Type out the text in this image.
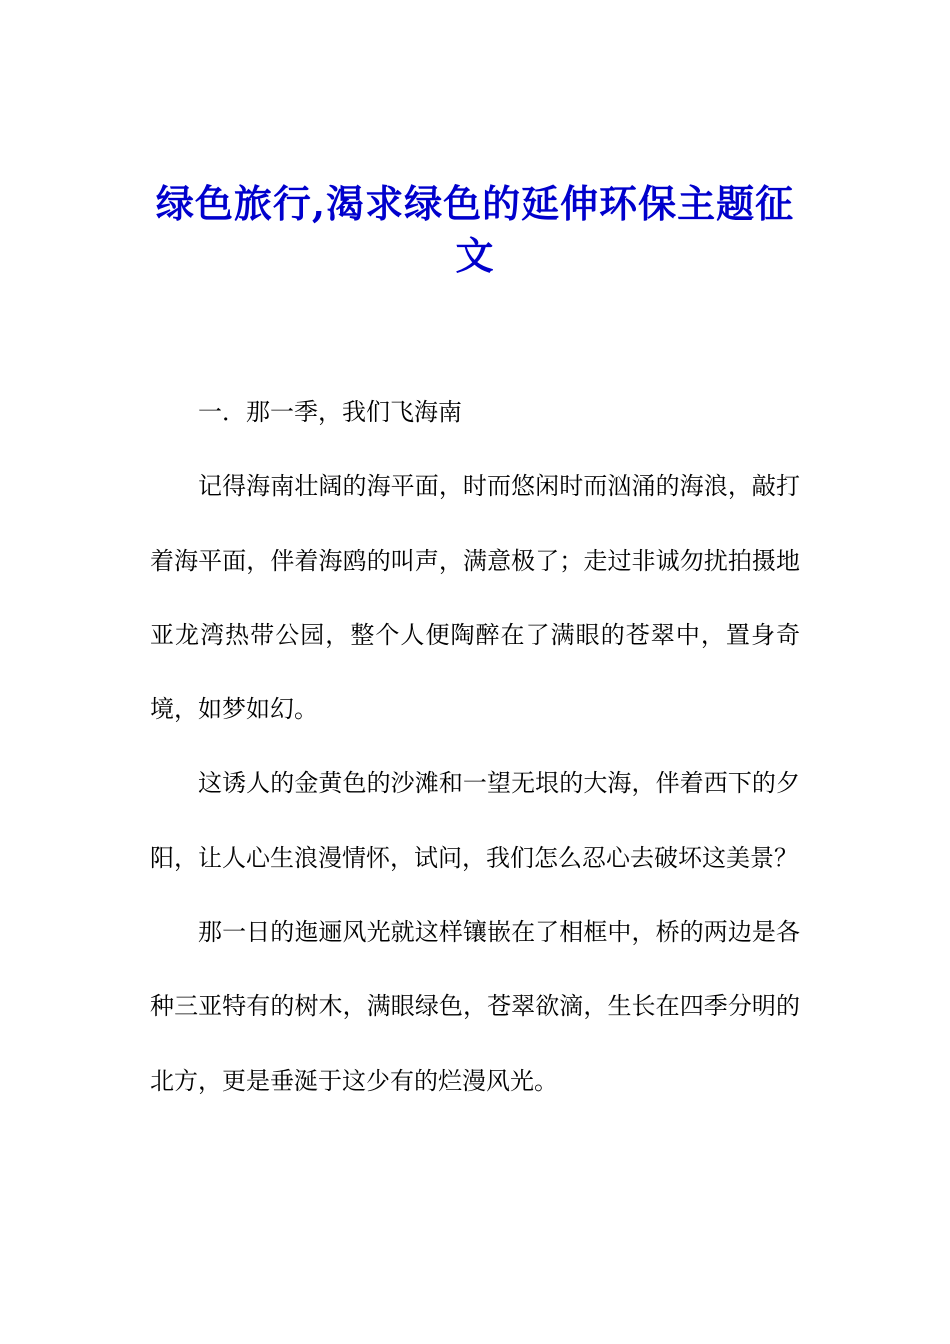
绿色旅行,渴求绿色的延伸环保主题征文

一．那一季，我们飞海南

记得海南壮阔的海平面，时而悠闲时而汹涌的海浪，敲打着海平面，伴着海鸥的叫声，满意极了；走过非诚勿扰拍摄地亚龙湾热带公园，整个人便陶醉在了满眼的苍翠中，置身奇境，如梦如幻。

这诱人的金黄色的沙滩和一望无垠的大海，伴着西下的夕阳，让人心生浪漫情怀，试问，我们怎么忍心去破坏这美景？

那一日的迤逦风光就这样镶嵌在了相框中，桥的两边是各种三亚特有的树木，满眼绿色，苍翠欲滴，生长在四季分明的北方，更是垂涎于这少有的烂漫风光。
